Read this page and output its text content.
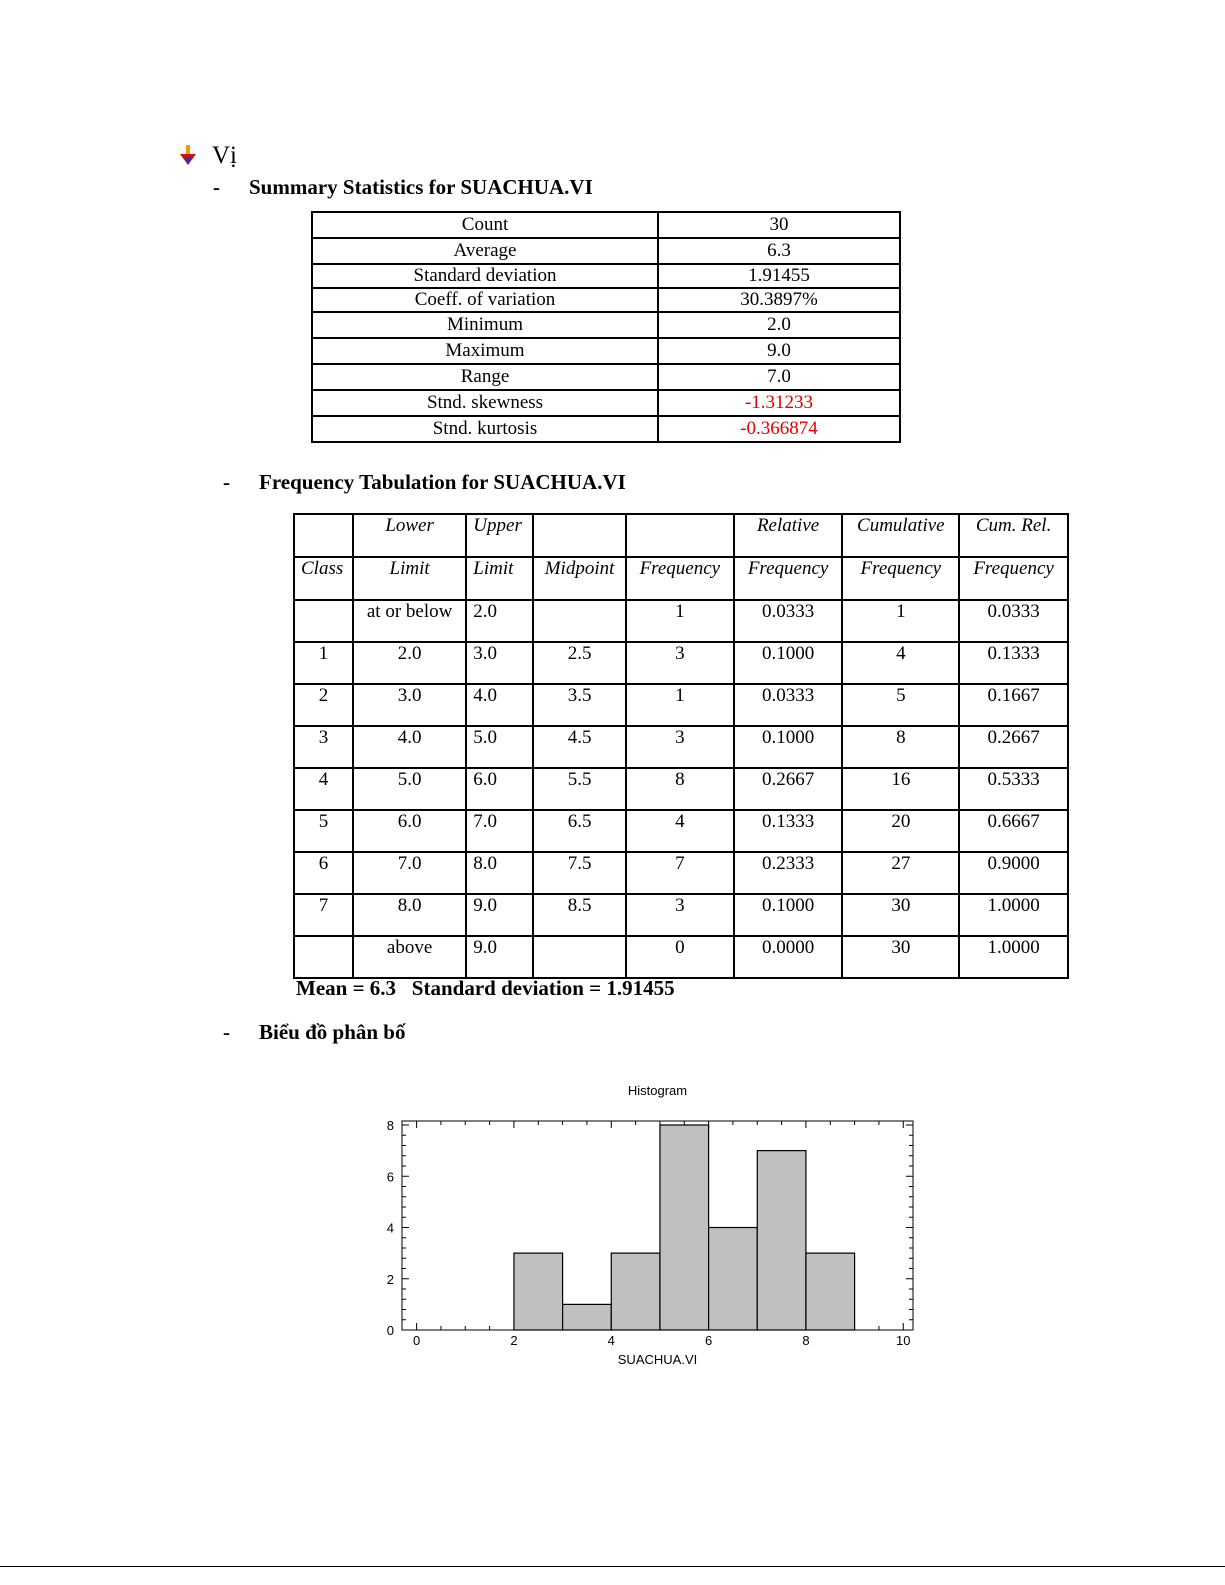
Vị
- Summary Statistics for SUACHUA.VI
Count	30
Average	6.3
Standard deviation	1.91455
Coeff. of variation	30.3897%
Minimum	2.0
Maximum	9.0
Range	7.0
Stnd. skewness	-1.31233
Stnd. kurtosis	-0.366874
- Frequency Tabulation for SUACHUA.VI
	Lower	Upper			Relative	Cumulative	Cum. Rel.
Class	Limit	Limit	Midpoint	Frequency	Frequency	Frequency	Frequency
	at or below	2.0		1	0.0333	1	0.0333
1	2.0	3.0	2.5	3	0.1000	4	0.1333
2	3.0	4.0	3.5	1	0.0333	5	0.1667
3	4.0	5.0	4.5	3	0.1000	8	0.2667
4	5.0	6.0	5.5	8	0.2667	16	0.5333
5	6.0	7.0	6.5	4	0.1333	20	0.6667
6	7.0	8.0	7.5	7	0.2333	27	0.9000
7	8.0	9.0	8.5	3	0.1000	30	1.0000
	above	9.0		0	0.0000	30	1.0000
Mean = 6.3   Standard deviation = 1.91455
- Biểu đồ phân bố
Histogram
0	2	4	6	8	10
0
2
4
6
8
SUACHUA.VI
